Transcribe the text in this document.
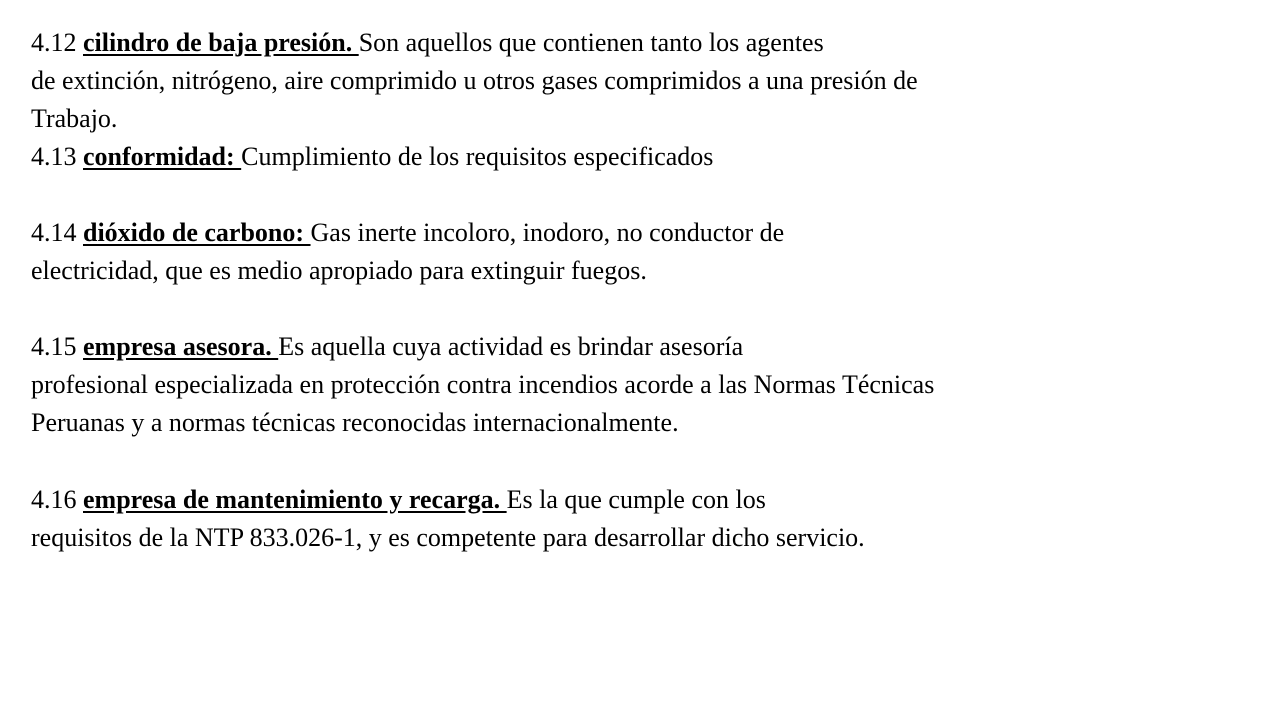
4.12 cilindro de baja presión. Son aquellos que contienen tanto los agentes

de extinción, nitrógeno, aire comprimido u otros gases comprimidos a una presión de

Trabajo.

4.13 conformidad: Cumplimiento de los requisitos especificados

4.14 dióxido de carbono: Gas inerte incoloro, inodoro, no conductor de

electricidad, que es medio apropiado para extinguir fuegos.

4.15 empresa asesora. Es aquella cuya actividad es brindar asesoría

profesional especializada en protección contra incendios acorde a las Normas Técnicas

Peruanas y a normas técnicas reconocidas internacionalmente.

4.16 empresa de mantenimiento y recarga. Es la que cumple con los

requisitos de la NTP 833.026-1, y es competente para desarrollar dicho servicio.
